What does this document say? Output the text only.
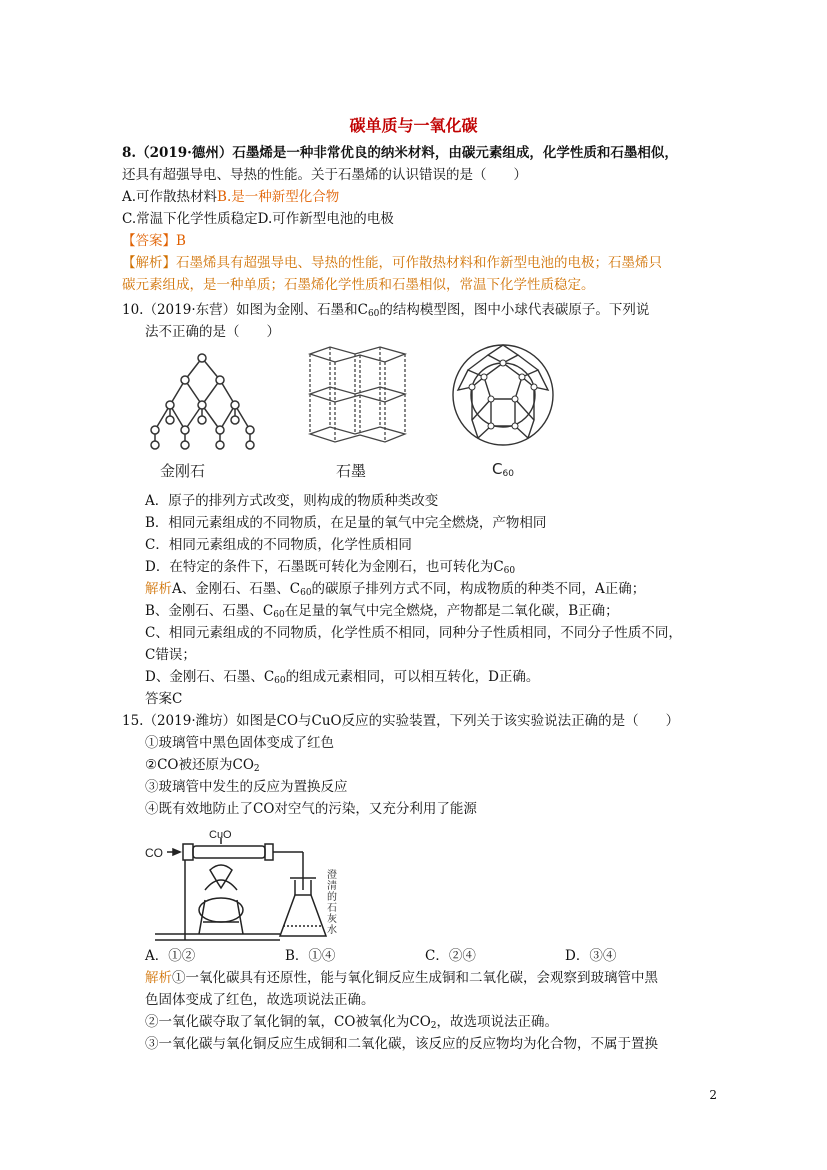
碳单质与一氧化碳
8.（2019·德州）石墨烯是一种非常优良的纳米材料，由碳元素组成，化学性质和石墨相似，
还具有超强导电、导热的性能。关于石墨烯的认识错误的是（　　）
A.可作散热材料B.是一种新型化合物
C.常温下化学性质稳定D.可作新型电池的电极
【答案】B
【解析】石墨烯具有超强导电、导热的性能，可作散热材料和作新型电池的电极；石墨烯只
碳元素组成，是一种单质；石墨烯化学性质和石墨相似，常温下化学性质稳定。
10.（2019·东营）如图为金刚、石墨和$C_{60}$的结构模型图，图中小球代表碳原子。下列说
法不正确的是（　　）
金刚石	石墨	$C_{60}$
A．原子的排列方式改变，则构成的物质种类改变
B．相同元素组成的不同物质，在足量的氧气中完全燃烧，产物相同
C．相同元素组成的不同物质，化学性质相同
D．在特定的条件下，石墨既可转化为金刚石，也可转化为$C_{60}$
解析A、金刚石、石墨、$C_{60}$的碳原子排列方式不同，构成物质的种类不同，A正确；
B、金刚石、石墨、$C_{60}$在足量的氧气中完全燃烧，产物都是二氧化碳，B正确；
C、相同元素组成的不同物质，化学性质不相同，同种分子性质相同，不同分子性质不同，
C错误；
D、金刚石、石墨、$C_{60}$的组成元素相同，可以相互转化，D正确。
答案C
15.（2019·潍坊）如图是CO与CuO反应的实验装置，下列关于该实验说法正确的是（　　）
①玻璃管中黑色固体变成了红色
②CO被还原为$CO_2$
③玻璃管中发生的反应为置换反应
④既有效地防止了CO对空气的污染，又充分利用了能源
CO
CuO
澄清的石灰水
A．①②	B．①④	C．②④	D．③④
解析①一氧化碳具有还原性，能与氧化铜反应生成铜和二氧化碳，会观察到玻璃管中黑
色固体变成了红色，故选项说法正确。
②一氧化碳夺取了氧化铜的氧，CO被氧化为$CO_2$，故选项说法正确。
③一氧化碳与氧化铜反应生成铜和二氧化碳，该反应的反应物均为化合物，不属于置换
2
